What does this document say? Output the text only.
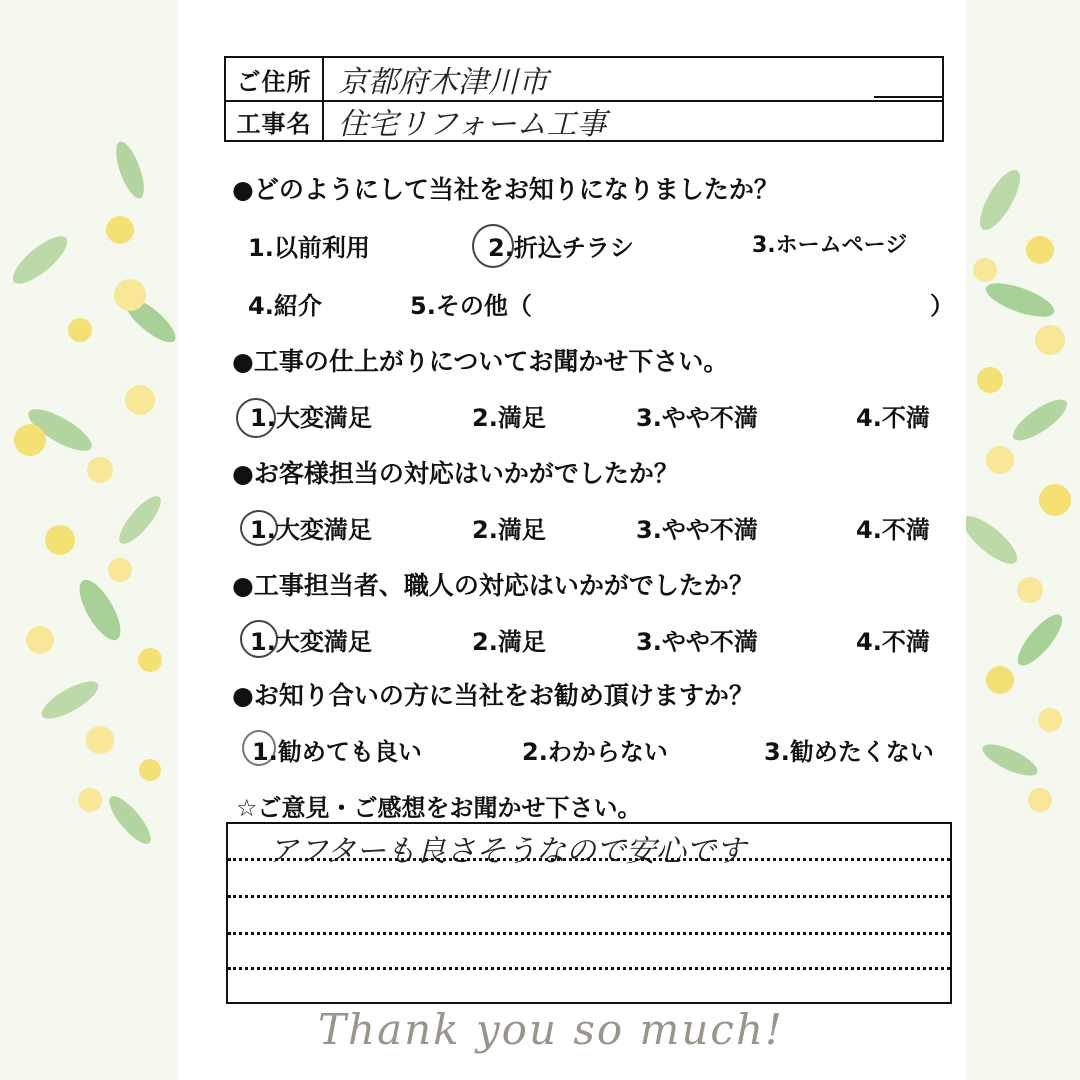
ご住所 京都府木津川市
工事名 住宅リフォーム工事
●どのようにして当社をお知りになりましたか？
1.以前利用	2.折込チラシ	3.ホームページ
4.紹介	5.その他（	）
●工事の仕上がりについてお聞かせ下さい。
1.大変満足	2.満足	3.やや不満	4.不満
●お客様担当の対応はいかがでしたか？
1.大変満足	2.満足	3.やや不満	4.不満
●工事担当者、職人の対応はいかがでしたか？
1.大変満足	2.満足	3.やや不満	4.不満
●お知り合いの方に当社をお勧め頂けますか？
1.勧めても良い	2.わからない	3.勧めたくない
☆ご意見・ご感想をお聞かせ下さい。
アフターも良さそうなので安心です
Thank you so much!
